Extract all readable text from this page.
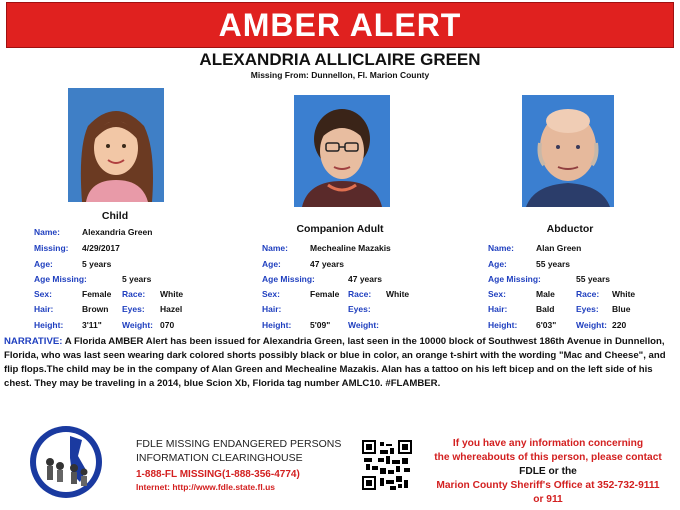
AMBER ALERT
ALEXANDRIA ALLICLAIRE GREEN
Missing From: Dunnellon, Fl. Marion County
Child
Companion Adult	Abductor
Name:	Alexandria Green
Missing: 4/29/2017
Age:	5 years
Age Missing:	5 years
Sex:	Female Race: White
Hair:	Brown Eyes: Hazel
Height: 3'11" Weight: 070
Name:	Mechealine Mazakis
Age:	47 years
Age Missing:	47 years
Sex:	Female Race: White
Hair:	Eyes:
Height: 5'09" Weight:
Name:	Alan Green
Age:	55 years
Age Missing:	55 years
Sex:	Male Race: White
Hair:	Bald	Eyes: Blue
Height: 6'03" Weight: 220
NARRATIVE: A Florida AMBER Alert has been issued for Alexandria Green, last seen in the 10000 block of Southwest 186th Avenue in Dunnellon, Florida, who was last seen wearing dark colored shorts possibly black or blue in color, an orange t-shirt with the wording "Mac and Cheese", and flip flops.The child may be in the company of Alan Green and Mechealine Mazakis. Alan has a tattoo on his left bicep and on the left side of his chest. They may be traveling in a 2014, blue Scion Xb, Florida tag number AMLC10. #FLAMBER.
FDLE MISSING ENDANGERED PERSONS
INFORMATION CLEARINGHOUSE
1-888-FL MISSING(1-888-356-4774)
Internet: http://www.fdle.state.fl.us
If you have any information concerning
the whereabouts of this person, please contact
FDLE or the
Marion County Sheriff's Office at 352-732-9111
or 911
